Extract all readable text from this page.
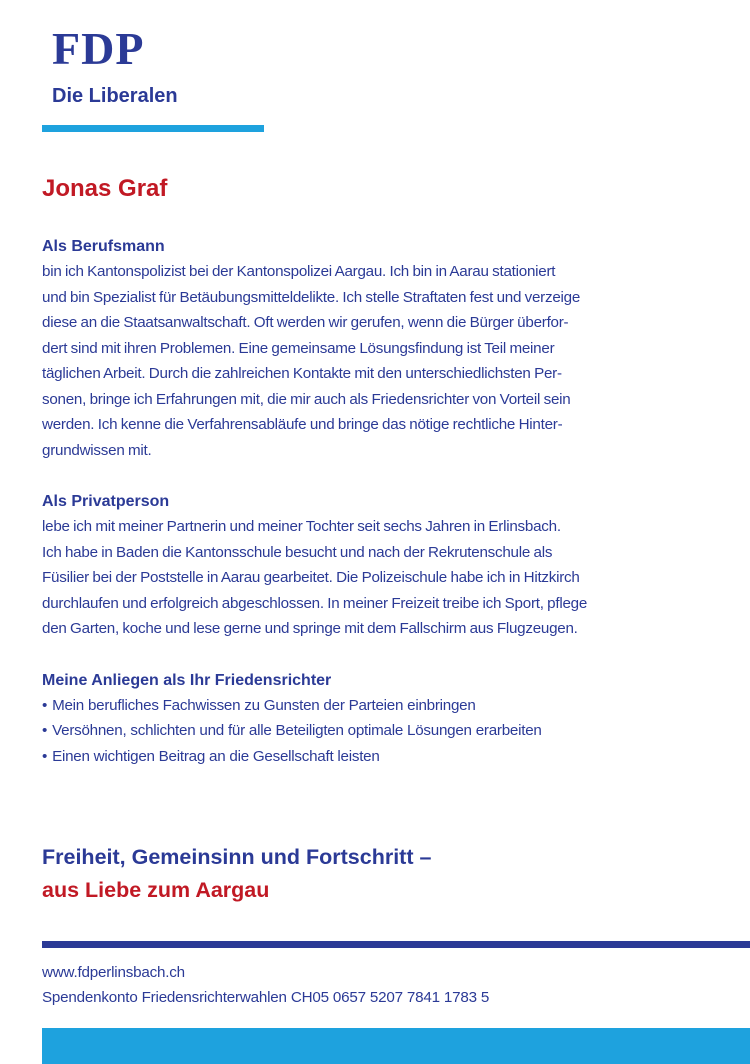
FDP
Die Liberalen
Jonas Graf
Als Berufsmann
bin ich Kantonspolizist bei der Kantonspolizei Aargau. Ich bin in Aarau stationiert
und bin Spezialist für Betäubungsmitteldelikte. Ich stelle Straftaten fest und verzeige
diese an die Staatsanwaltschaft. Oft werden wir gerufen, wenn die Bürger überfor-
dert sind mit ihren Problemen. Eine gemeinsame Lösungsfindung ist Teil meiner
täglichen Arbeit. Durch die zahlreichen Kontakte mit den unterschiedlichsten Per-
sonen, bringe ich Erfahrungen mit, die mir auch als Friedensrichter von Vorteil sein
werden. Ich kenne die Verfahrensabläufe und bringe das nötige rechtliche Hinter-
grundwissen mit.
Als Privatperson
lebe ich mit meiner Partnerin und meiner Tochter seit sechs Jahren in Erlinsbach.
Ich habe in Baden die Kantonsschule besucht und nach der Rekrutenschule als
Füsilier bei der Poststelle in Aarau gearbeitet. Die Polizeischule habe ich in Hitzkirch
durchlaufen und erfolgreich abgeschlossen. In meiner Freizeit treibe ich Sport, pflege
den Garten, koche und lese gerne und springe mit dem Fallschirm aus Flugzeugen.
Meine Anliegen als Ihr Friedensrichter
• Mein berufliches Fachwissen zu Gunsten der Parteien einbringen
• Versöhnen, schlichten und für alle Beteiligten optimale Lösungen erarbeiten
• Einen wichtigen Beitrag an die Gesellschaft leisten
Freiheit, Gemeinsinn und Fortschritt –
aus Liebe zum Aargau
www.fdperlinsbach.ch
Spendenkonto Friedensrichterwahlen CH05 0657 5207 7841 1783 5
